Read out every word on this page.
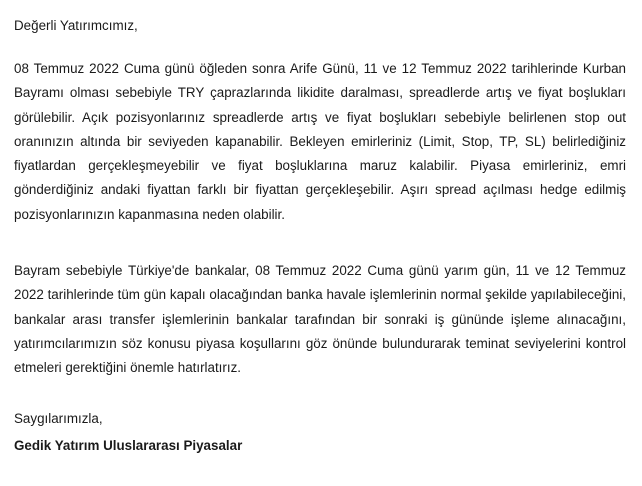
Değerli Yatırımcımız,

08 Temmuz 2022 Cuma günü öğleden sonra Arife Günü, 11 ve 12 Temmuz 2022 tarihlerinde Kurban Bayramı olması sebebiyle TRY çaprazlarında likidite daralması, spreadlerde artış ve fiyat boşlukları görülebilir. Açık pozisyonlarınız spreadlerde artış ve fiyat boşlukları sebebiyle belirlenen stop out oranınızın altında bir seviyeden kapanabilir. Bekleyen emirleriniz (Limit, Stop, TP, SL) belirlediğiniz fiyatlardan gerçekleşmeyebilir ve fiyat boşluklarına maruz kalabilir. Piyasa emirleriniz, emri gönderdiğiniz andaki fiyattan farklı bir fiyattan gerçekleşebilir. Aşırı spread açılması hedge edilmiş pozisyonlarınızın kapanmasına neden olabilir.

Bayram sebebiyle Türkiye'de bankalar, 08 Temmuz 2022 Cuma günü yarım gün, 11 ve 12 Temmuz 2022 tarihlerinde tüm gün kapalı olacağından banka havale işlemlerinin normal şekilde yapılabileceğini, bankalar arası transfer işlemlerinin bankalar tarafından bir sonraki iş gününde işleme alınacağını, yatırımcılarımızın söz konusu piyasa koşullarını göz önünde bulundurarak teminat seviyelerini kontrol etmeleri gerektiğini önemle hatırlatırız.

Saygılarımızla,

Gedik Yatırım Uluslararası Piyasalar
